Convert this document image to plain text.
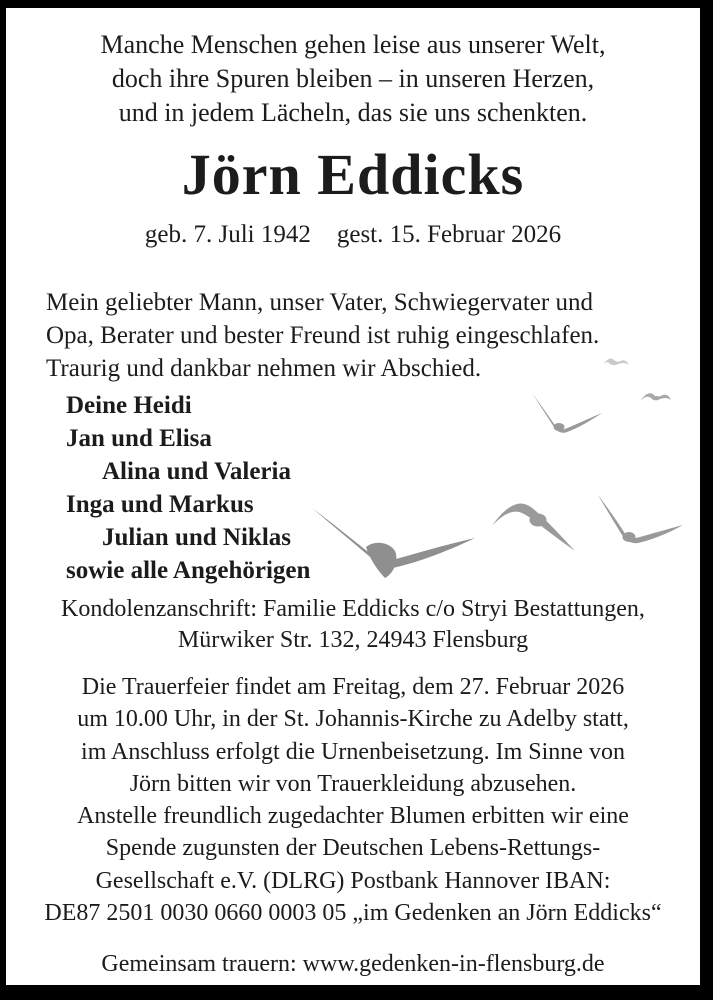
Manche Menschen gehen leise aus unserer Welt,
doch ihre Spuren bleiben – in unseren Herzen,
und in jedem Lächeln, das sie uns schenkten.
Jörn Eddicks
geb. 7. Juli 1942 gest. 15. Februar 2026
Mein geliebter Mann, unser Vater, Schwiegervater und
Opa, Berater und bester Freund ist ruhig eingeschlafen.
Traurig und dankbar nehmen wir Abschied.
Deine Heidi
Jan und Elisa
Alina und Valeria
Inga und Markus
Julian und Niklas
sowie alle Angehörigen
Kondolenzanschrift: Familie Eddicks c/o Stryi Bestattungen,
Mürwiker Str. 132, 24943 Flensburg
Die Trauerfeier findet am Freitag, dem 27. Februar 2026
um 10.00 Uhr, in der St. Johannis-Kirche zu Adelby statt,
im Anschluss erfolgt die Urnenbeisetzung. Im Sinne von
Jörn bitten wir von Trauerkleidung abzusehen.
Anstelle freundlich zugedachter Blumen erbitten wir eine
Spende zugunsten der Deutschen Lebens-Rettungs-
Gesellschaft e.V. (DLRG) Postbank Hannover IBAN:
DE87 2501 0030 0660 0003 05 „im Gedenken an Jörn Eddicks“
Gemeinsam trauern: www.gedenken-in-flensburg.de
